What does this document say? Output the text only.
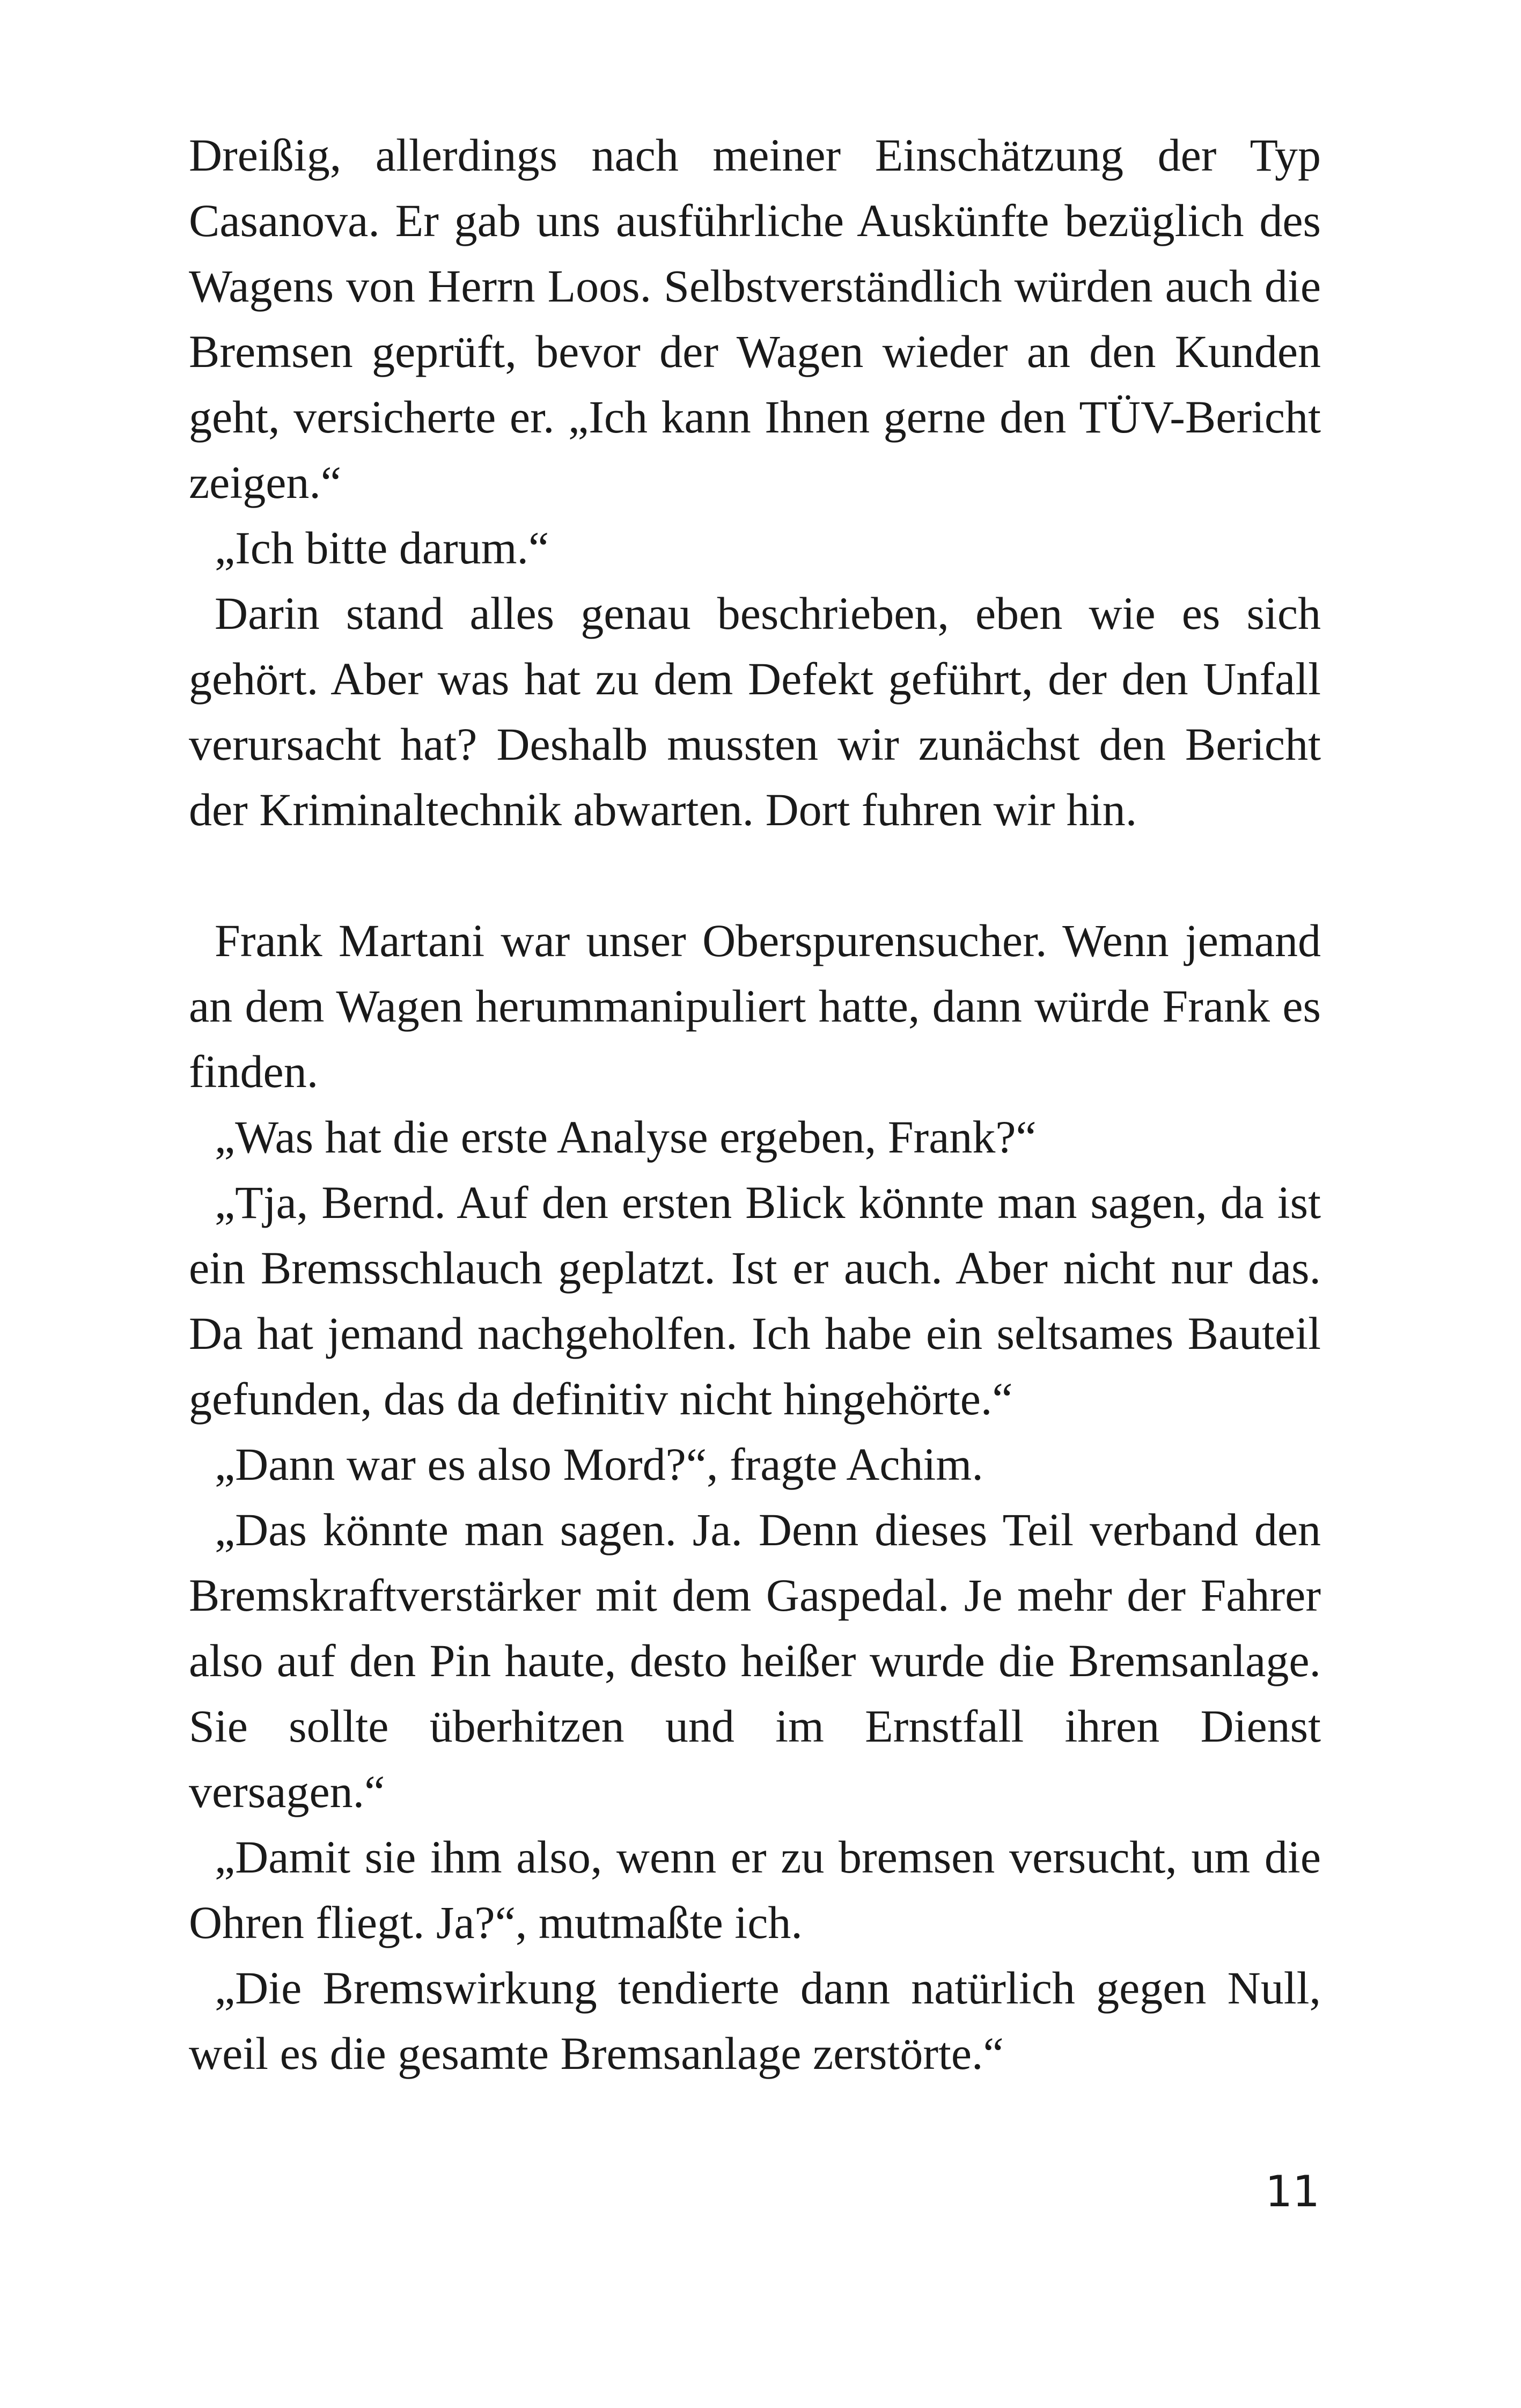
Dreißig, allerdings nach meiner Einschätzung der Typ Casanova. Er gab uns ausführliche Auskünfte bezüglich des Wagens von Herrn Loos. Selbstverständlich würden auch die Bremsen geprüft, bevor der Wagen wieder an den Kunden geht, versicherte er. „Ich kann Ihnen gerne den TÜV-Bericht zeigen.“

„Ich bitte darum.“

Darin stand alles genau beschrieben, eben wie es sich gehört. Aber was hat zu dem Defekt geführt, der den Unfall verursacht hat? Deshalb mussten wir zunächst den Bericht der Kriminaltechnik abwarten. Dort fuhren wir hin.

Frank Martani war unser Oberspurensucher. Wenn jemand an dem Wagen herummanipuliert hatte, dann würde Frank es finden.

„Was hat die erste Analyse ergeben, Frank?“

„Tja, Bernd. Auf den ersten Blick könnte man sagen, da ist ein Bremsschlauch geplatzt. Ist er auch. Aber nicht nur das. Da hat jemand nachgeholfen. Ich habe ein seltsames Bauteil gefunden, das da definitiv nicht hingehörte.“

„Dann war es also Mord?“, fragte Achim.

„Das könnte man sagen. Ja. Denn dieses Teil verband den Bremskraftverstärker mit dem Gaspedal. Je mehr der Fahrer also auf den Pin haute, desto heißer wurde die Bremsanlage. Sie sollte überhitzen und im Ernstfall ihren Dienst versagen.“

„Damit sie ihm also, wenn er zu bremsen versucht, um die Ohren fliegt. Ja?“, mutmaßte ich.

„Die Bremswirkung tendierte dann natürlich gegen Null, weil es die gesamte Bremsanlage zerstörte.“

11
